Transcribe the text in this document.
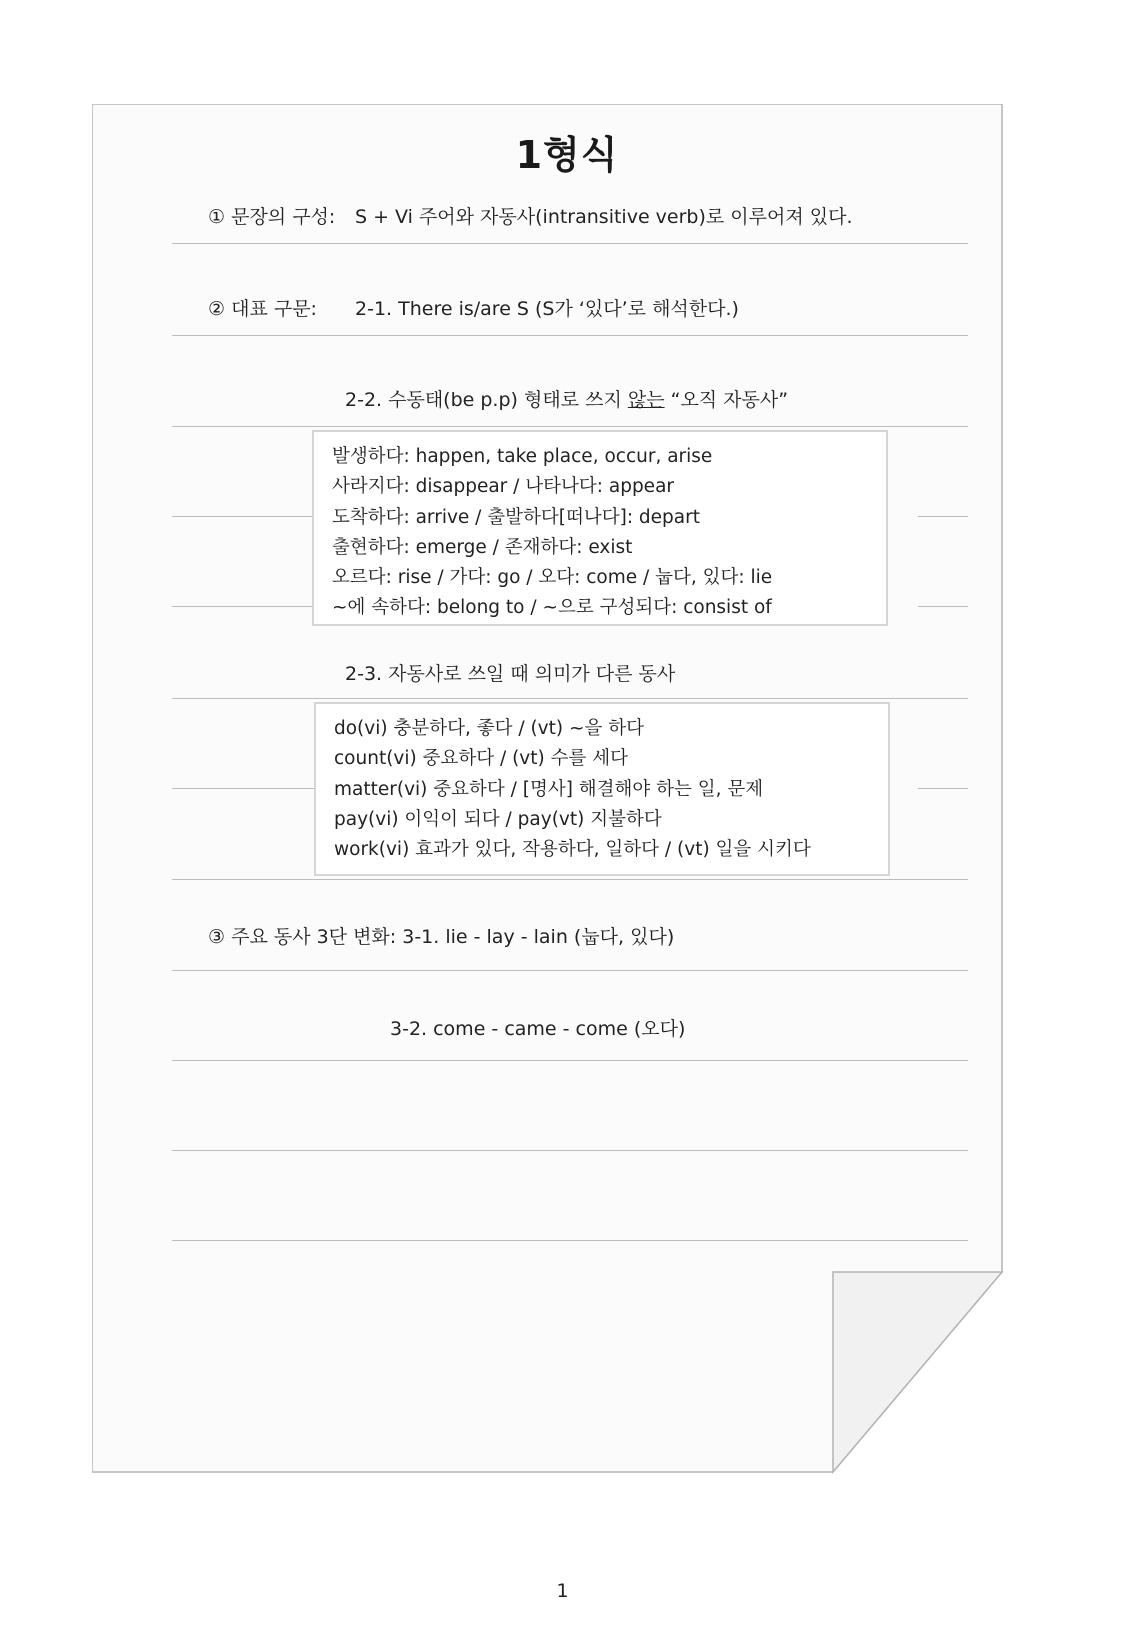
1형식
① 문장의 구성: S + Vi 주어와 자동사(intransitive verb)로 이루어져 있다.
② 대표 구문: 2-1. There is/are S (S가 ‘있다’로 해석한다.)
2-2. 수동태(be p.p) 형태로 쓰지 않는 “오직 자동사”
발생하다: happen, take place, occur, arise
사라지다: disappear / 나타나다: appear
도착하다: arrive / 출발하다[떠나다]: depart
출현하다: emerge / 존재하다: exist
오르다: rise / 가다: go / 오다: come / 눕다, 있다: lie
~에 속하다: belong to / ~으로 구성되다: consist of
2-3. 자동사로 쓰일 때 의미가 다른 동사
do(vi) 충분하다, 좋다 / (vt) ~을 하다
count(vi) 중요하다 / (vt) 수를 세다
matter(vi) 중요하다 / [명사] 해결해야 하는 일, 문제
pay(vi) 이익이 되다 / pay(vt) 지불하다
work(vi) 효과가 있다, 작용하다, 일하다 / (vt) 일을 시키다
③ 주요 동사 3단 변화: 3-1. lie - lay - lain (눕다, 있다)
3-2. come - came - come (오다)
1
